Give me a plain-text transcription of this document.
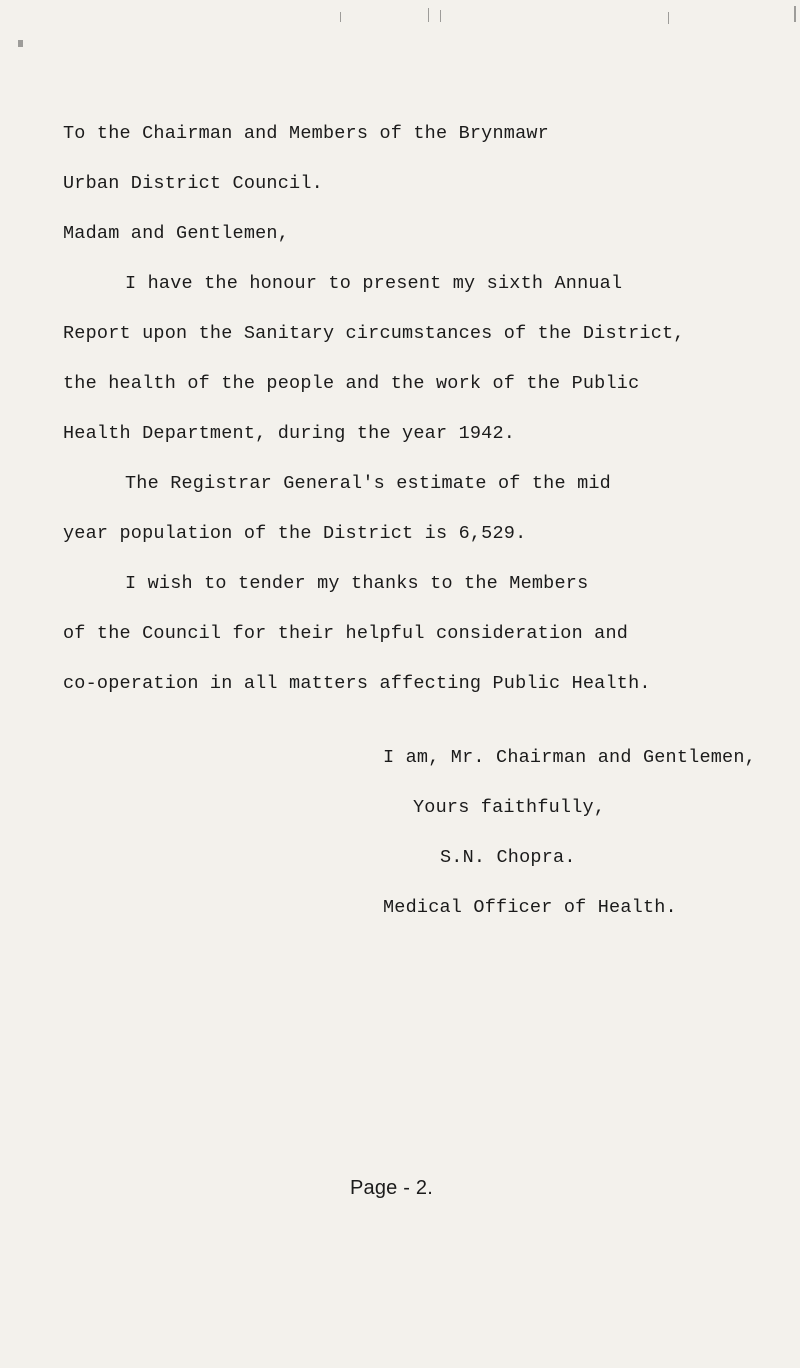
To the Chairman and Members of the Brynmawr
Urban District Council.
Madam and Gentlemen,
I have the honour to present my sixth Annual
Report upon the Sanitary circumstances of the District,
the health of the people and the work of the Public
Health Department, during the year 1942.
The Registrar General's estimate of the mid
year population of the District is 6,529.
I wish to tender my thanks to the Members
of the Council for their helpful consideration and
co-operation in all matters affecting Public Health.
I am, Mr. Chairman and Gentlemen,
Yours faithfully,
S.N. Chopra.
Medical Officer of Health.
Page - 2.
